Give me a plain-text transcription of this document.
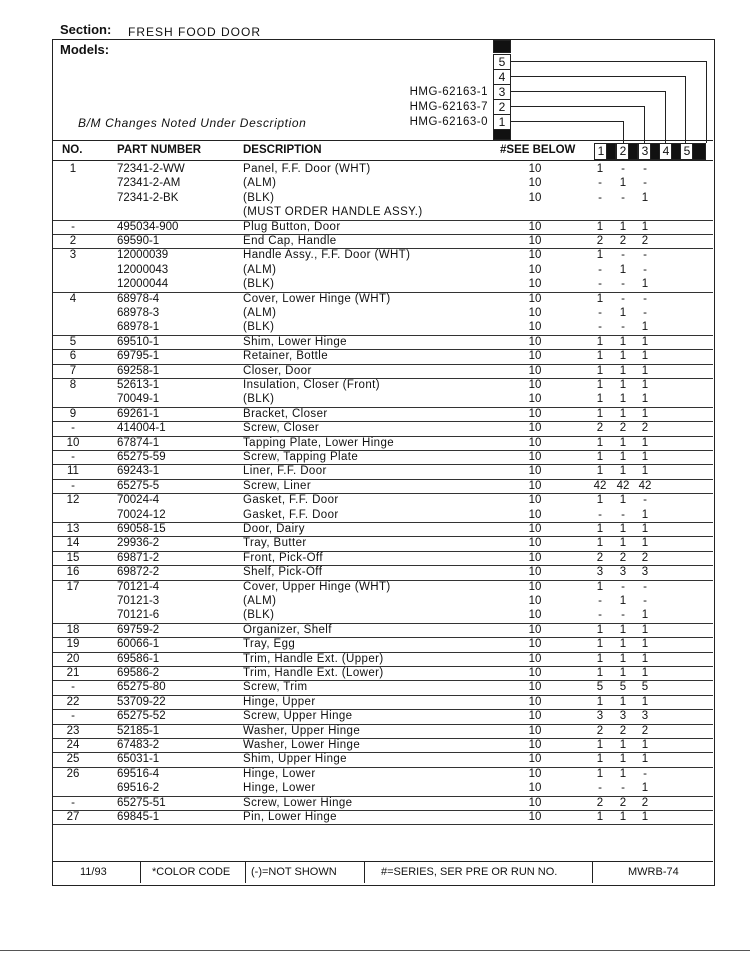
Section: FRESH FOOD DOOR
Models:
5
4
3
2
1
HMG-62163-1
HMG-62163-7
HMG-62163-0
B/M Changes Noted Under Description
NO.	PART NUMBER	DESCRIPTION	#SEE BELOW	1	2	3	4	5
1	72341-2-WW	Panel, F.F. Door (WHT)	10	1	-	-
72341-2-AM	(ALM)	10	-	1	-
72341-2-BK	(BLK)	10	-	-	1
(MUST ORDER HANDLE ASSY.)
-	495034-900	Plug Button, Door	10	1	1	1
2	69590-1	End Cap, Handle	10	2	2	2
3	12000039	Handle Assy., F.F. Door (WHT)	10	1	-	-
12000043	(ALM)	10	-	1	-
12000044	(BLK)	10	-	-	1
4	68978-4	Cover, Lower Hinge (WHT)	10	1	-	-
68978-3	(ALM)	10	-	1	-
68978-1	(BLK)	10	-	-	1
5	69510-1	Shim, Lower Hinge	10	1	1	1
6	69795-1	Retainer, Bottle	10	1	1	1
7	69258-1	Closer, Door	10	1	1	1
8	52613-1	Insulation, Closer (Front)	10	1	1	1
70049-1	(BLK)	10	1	1	1
9	69261-1	Bracket, Closer	10	1	1	1
-	414004-1	Screw, Closer	10	2	2	2
10	67874-1	Tapping Plate, Lower Hinge	10	1	1	1
-	65275-59	Screw, Tapping Plate	10	1	1	1
11	69243-1	Liner, F.F. Door	10	1	1	1
-	65275-5	Screw, Liner	10	42 42 42
12	70024-4	Gasket, F.F. Door	10	1	1	-
70024-12	Gasket, F.F. Door	10	-	-	1
13	69058-15	Door, Dairy	10	1	1	1
14	29936-2	Tray, Butter	10	1	1	1
15	69871-2	Front, Pick-Off	10	2	2	2
16	69872-2	Shelf, Pick-Off	10	3	3	3
17	70121-4	Cover, Upper Hinge (WHT)	10	1	-	-
70121-3	(ALM)	10	-	1	-
70121-6	(BLK)	10	-	-	1
18	69759-2	Organizer, Shelf	10	1	1	1
19	60066-1	Tray, Egg	10	1	1	1
20	69586-1	Trim, Handle Ext. (Upper)	10	1	1	1
21	69586-2	Trim, Handle Ext. (Lower)	10	1	1	1
-	65275-80	Screw, Trim	10	5	5	5
22	53709-22	Hinge, Upper	10	1	1	1
-	65275-52	Screw, Upper Hinge	10	3	3	3
23	52185-1	Washer, Upper Hinge	10	2	2	2
24	67483-2	Washer, Lower Hinge	10	1	1	1
25	65031-1	Shim, Upper Hinge	10	1	1	1
26	69516-4	Hinge, Lower	10	1	1	-
69516-2	Hinge, Lower	10	-	-	1
-	65275-51	Screw, Lower Hinge	10	2	2	2
27	69845-1	Pin, Lower Hinge	10	1	1	1
11/93	*COLOR CODE (-)=NOT SHOWN	#=SERIES, SER PRE OR RUN NO.	MWRB-74
